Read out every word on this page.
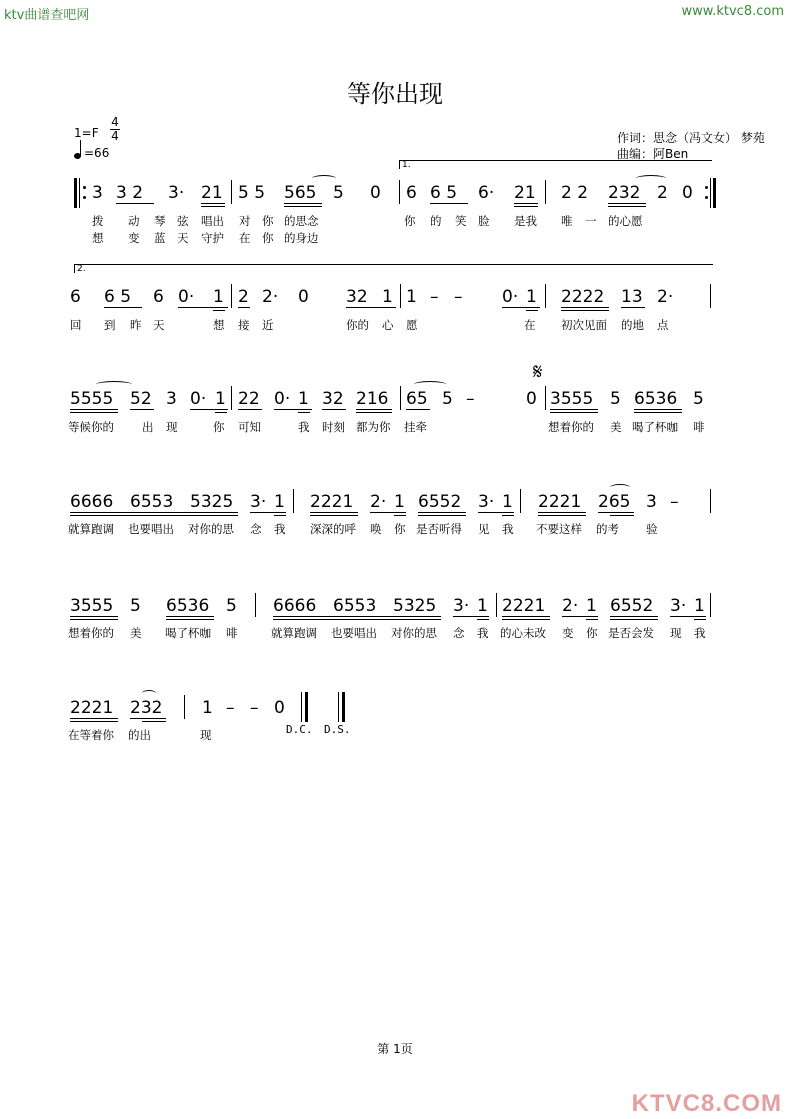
ktv曲谱查吧网	www.ktvc8.com
KTVC8.COM
等你出现
1=F
4
4
=66
作词：思念（冯文女） 梦苑
曲编：阿Ben
1.
3 3 2 3· 21 5 5 565 5 0 6 6 5 6· 21 2 2 232 2 0
拨 动 琴 弦 唱出 对 你 的思念	你 的 笑 脸 是我 唯 一 的心愿
想 变 蓝 天 守护 在 你 的身边
2.
6 6 5 6 0· 1 2 2· 0 32 1 1 – – 0· 1 2222 13 2·
回 到 昨 天	想 接 近	你的 心 愿	在 初次见面 的地 点
5555 52 3 0· 1 22 0· 1 32 216 65 5 –	0
𝄋
3555 5 6536 5
等候你的 出 现	你 可知	我 时刻 都为你 挂牵	想着你的 美 喝了杯咖 啡
6666 6553 5325 3· 1 2221 2· 1 6552 3· 1 2221 265 3 –
就算跑调 也要唱出 对你的思 念 我 深深的呼 唤 你 是否听得 见 我 不要这样 的考 验
3555 5 6536 5 6666 6553 5325 3· 1 2221 2· 1 6552 3· 1
想着你的 美 喝了杯咖 啡	就算跑调 也要唱出 对你的思 念 我 的心未改 变 你 是否会发 现 我
2221 232 1 – – 0
在等着你 的出	现	D.C. D.S.
第 1页
